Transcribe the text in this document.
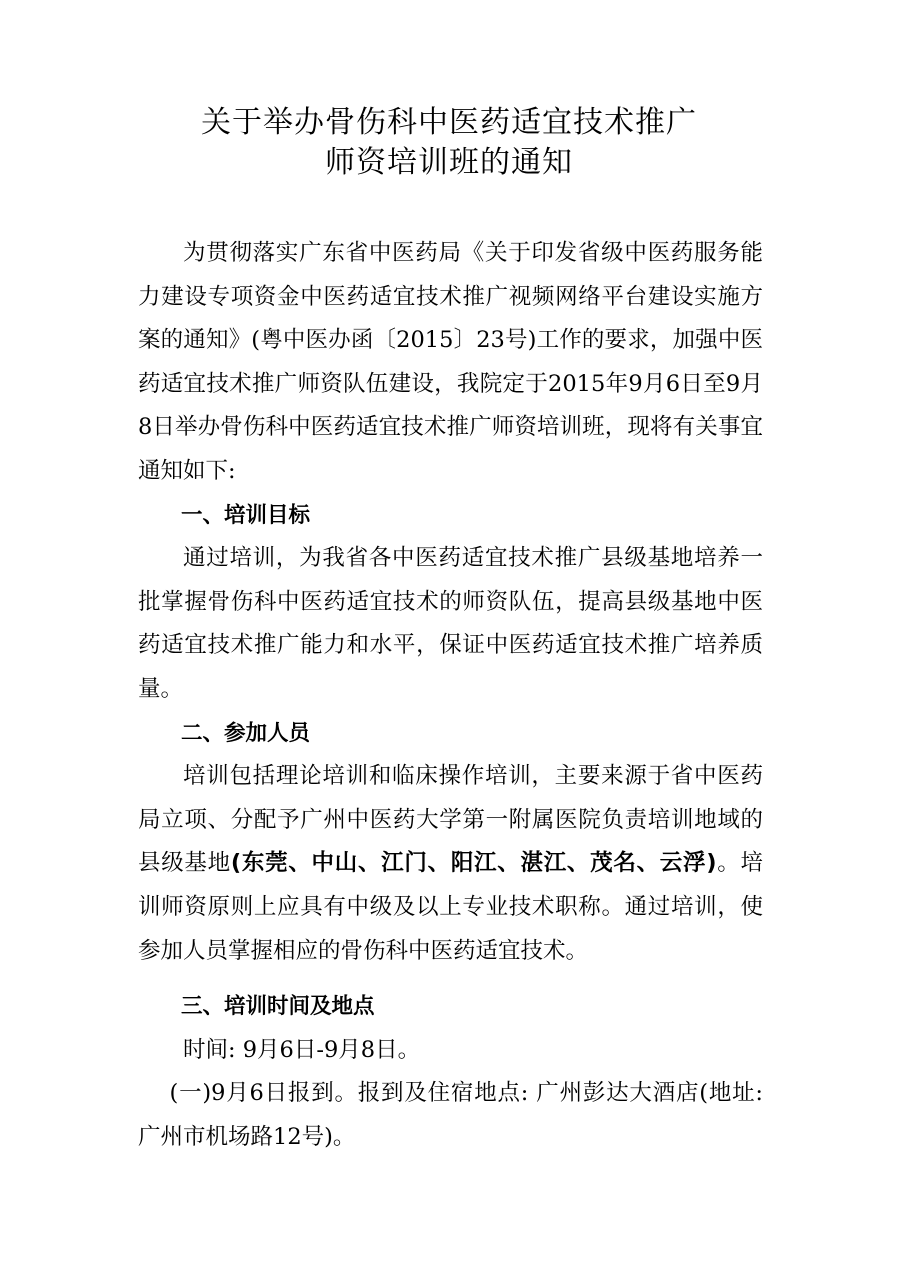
关于举办骨伤科中医药适宜技术推广
师资培训班的通知

为贯彻落实广东省中医药局《关于印发省级中医药服务能力建设专项资金中医药适宜技术推广视频网络平台建设实施方案的通知》(粤中医办函〔2015〕23号)工作的要求，加强中医药适宜技术推广师资队伍建设，我院定于2015年9月6日至9月8日举办骨伤科中医药适宜技术推广师资培训班，现将有关事宜通知如下:

一、培训目标

通过培训，为我省各中医药适宜技术推广县级基地培养一批掌握骨伤科中医药适宜技术的师资队伍，提高县级基地中医药适宜技术推广能力和水平，保证中医药适宜技术推广培养质量。

二、参加人员

培训包括理论培训和临床操作培训，主要来源于省中医药局立项、分配予广州中医药大学第一附属医院负责培训地域的县级基地(东莞、中山、江门、阳江、湛江、茂名、云浮)。培训师资原则上应具有中级及以上专业技术职称。通过培训，使参加人员掌握相应的骨伤科中医药适宜技术。

三、培训时间及地点

时间: 9月6日-9月8日。

(一)9月6日报到。报到及住宿地点: 广州彭达大酒店(地址: 广州市机场路12号)。
